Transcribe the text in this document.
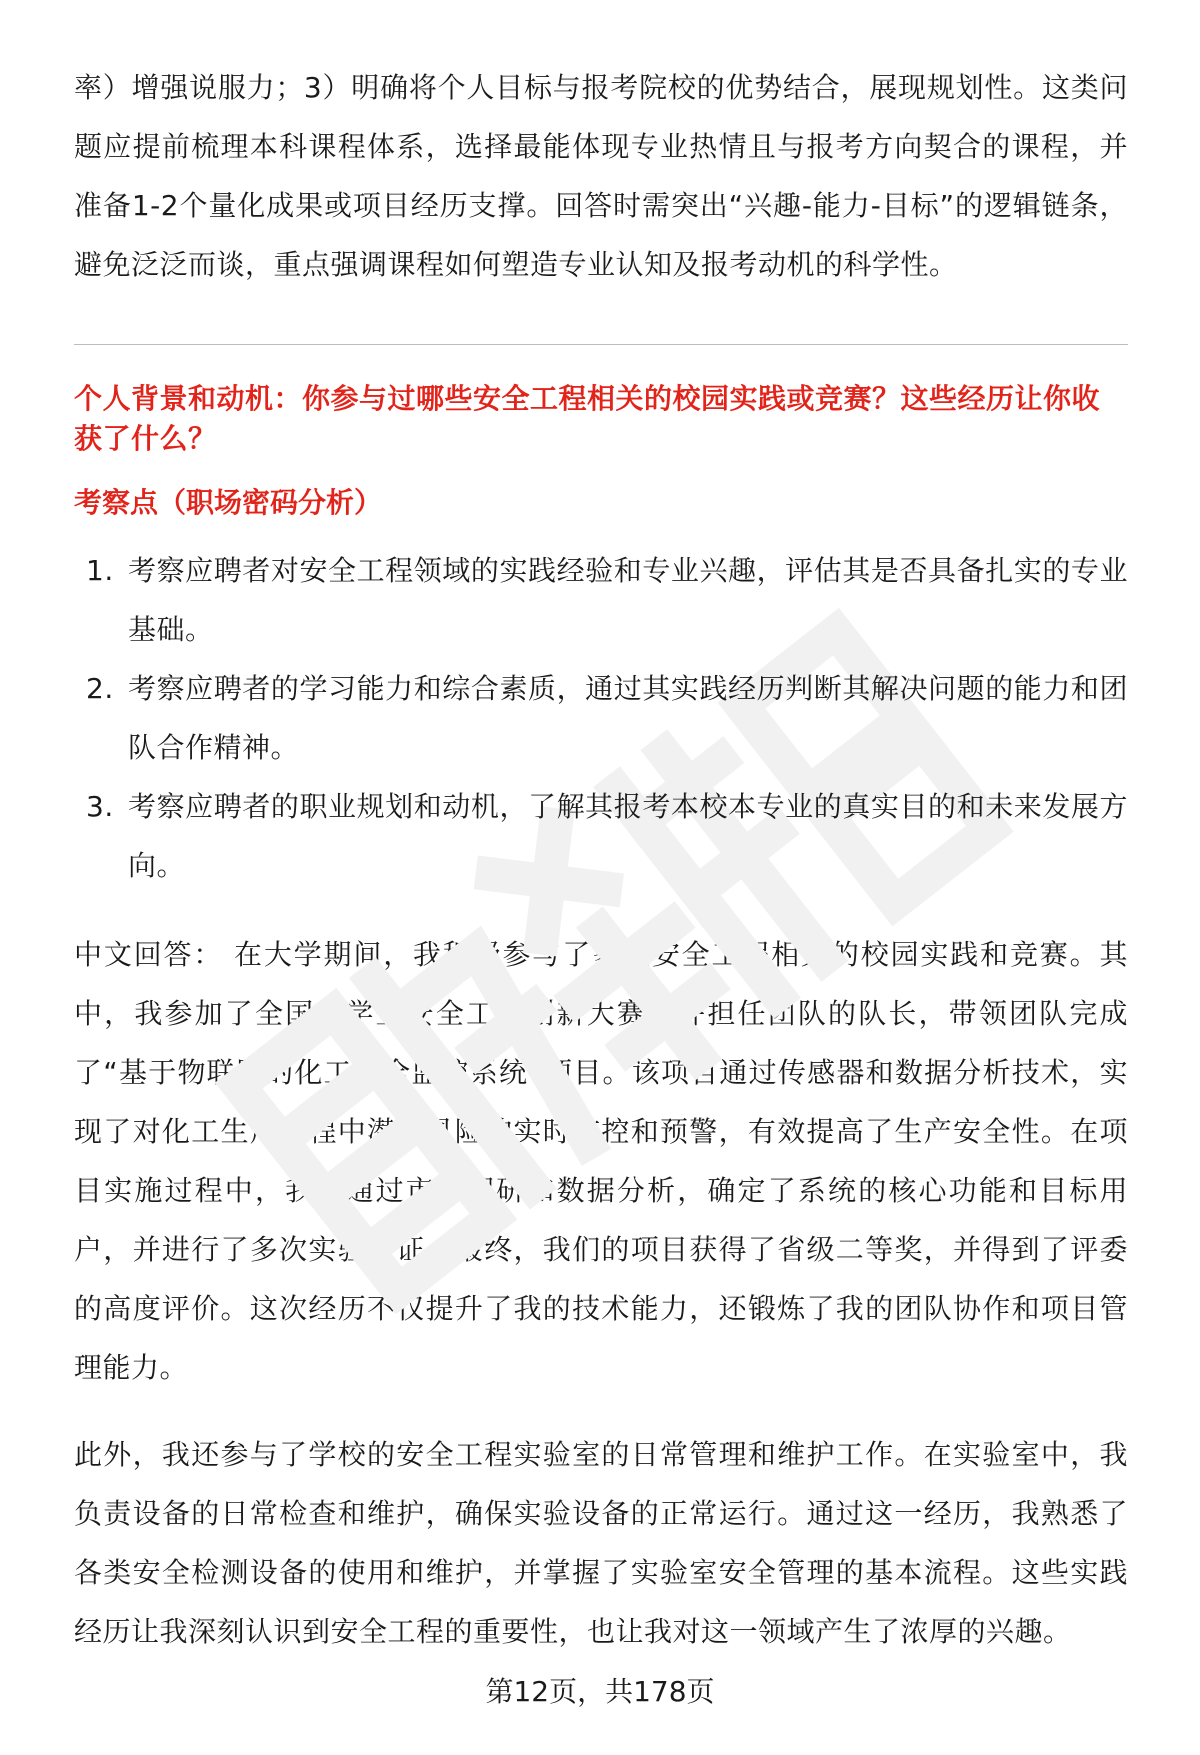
率）增强说服力；3）明确将个人目标与报考院校的优势结合，展现规划性。这类问题应提前梳理本科课程体系，选择最能体现专业热情且与报考方向契合的课程，并准备1-2个量化成果或项目经历支撑。回答时需突出“兴趣-能力-目标”的逻辑链条，避免泛泛而谈，重点强调课程如何塑造专业认知及报考动机的科学性。

个人背景和动机：你参与过哪些安全工程相关的校园实践或竞赛？这些经历让你收获了什么？

考察点（职场密码分析）

1. 考察应聘者对安全工程领域的实践经验和专业兴趣，评估其是否具备扎实的专业基础。
2. 考察应聘者的学习能力和综合素质，通过其实践经历判断其解决问题的能力和团队合作精神。
3. 考察应聘者的职业规划和动机，了解其报考本校本专业的真实目的和未来发展方向。

中文回答： 在大学期间，我积极参与了多项安全工程相关的校园实践和竞赛。其中，我参加了全国大学生安全工程创新大赛，并担任团队的队长，带领团队完成了“基于物联网的化工安全监控系统”项目。该项目通过传感器和数据分析技术，实现了对化工生产过程中潜在风险的实时监控和预警，有效提高了生产安全性。在项目实施过程中，我们通过市场调研和数据分析，确定了系统的核心功能和目标用户，并进行了多次实验验证。最终，我们的项目获得了省级二等奖，并得到了评委的高度评价。这次经历不仅提升了我的技术能力，还锻炼了我的团队协作和项目管理能力。

此外，我还参与了学校的安全工程实验室的日常管理和维护工作。在实验室中，我负责设备的日常检查和维护，确保实验设备的正常运行。通过这一经历，我熟悉了各类安全检测设备的使用和维护，并掌握了实验室安全管理的基本流程。这些实践经历让我深刻认识到安全工程的重要性，也让我对这一领域产生了浓厚的兴趣。

第12页，共178页
